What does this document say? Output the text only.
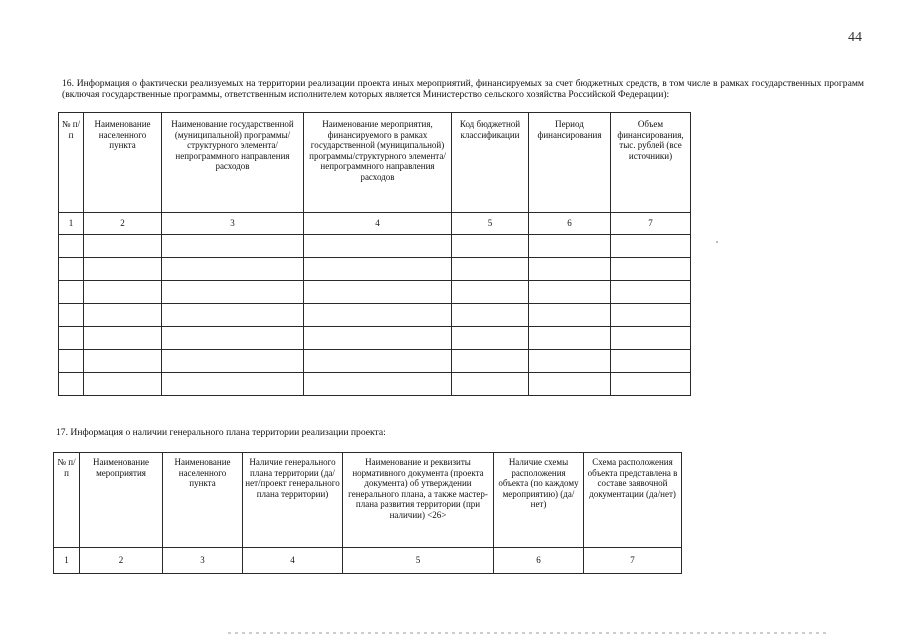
44
16. Информация о фактически реализуемых на территории реализации проекта иных мероприятий, финансируемых за счет бюджетных средств, в том числе в рамках государственных программ (включая государственные программы, ответственным исполнителем которых является Министерство сельского хозяйства Российской Федерации):
№ п/п	Наименование населенного пункта	Наименование государственной (муниципальной) программы/структурного элемента/непрограммного направления расходов	Наименование мероприятия, финансируемого в рамках государственной (муниципальной) программы/структурного элемента/непрограммного направления расходов	Код бюджетной классификации	Период финансирования	Объем финансирования, тыс. рублей (все источники)
1	2	3	4	5	6	7

17. Информация о наличии генерального плана территории реализации проекта:
№ п/п	Наименование мероприятия	Наименование населенного пункта	Наличие генерального плана территории (да/нет/проект генерального плана территории)	Наименование и реквизиты нормативного документа (проекта документа) об утверждении генерального плана, а также мастер-плана развития территории (при наличии) <26>	Наличие схемы расположения объекта (по каждому мероприятию) (да/нет)	Схема расположения объекта представлена в составе заявочной документации (да/нет)
1	2	3	4	5	6	7
